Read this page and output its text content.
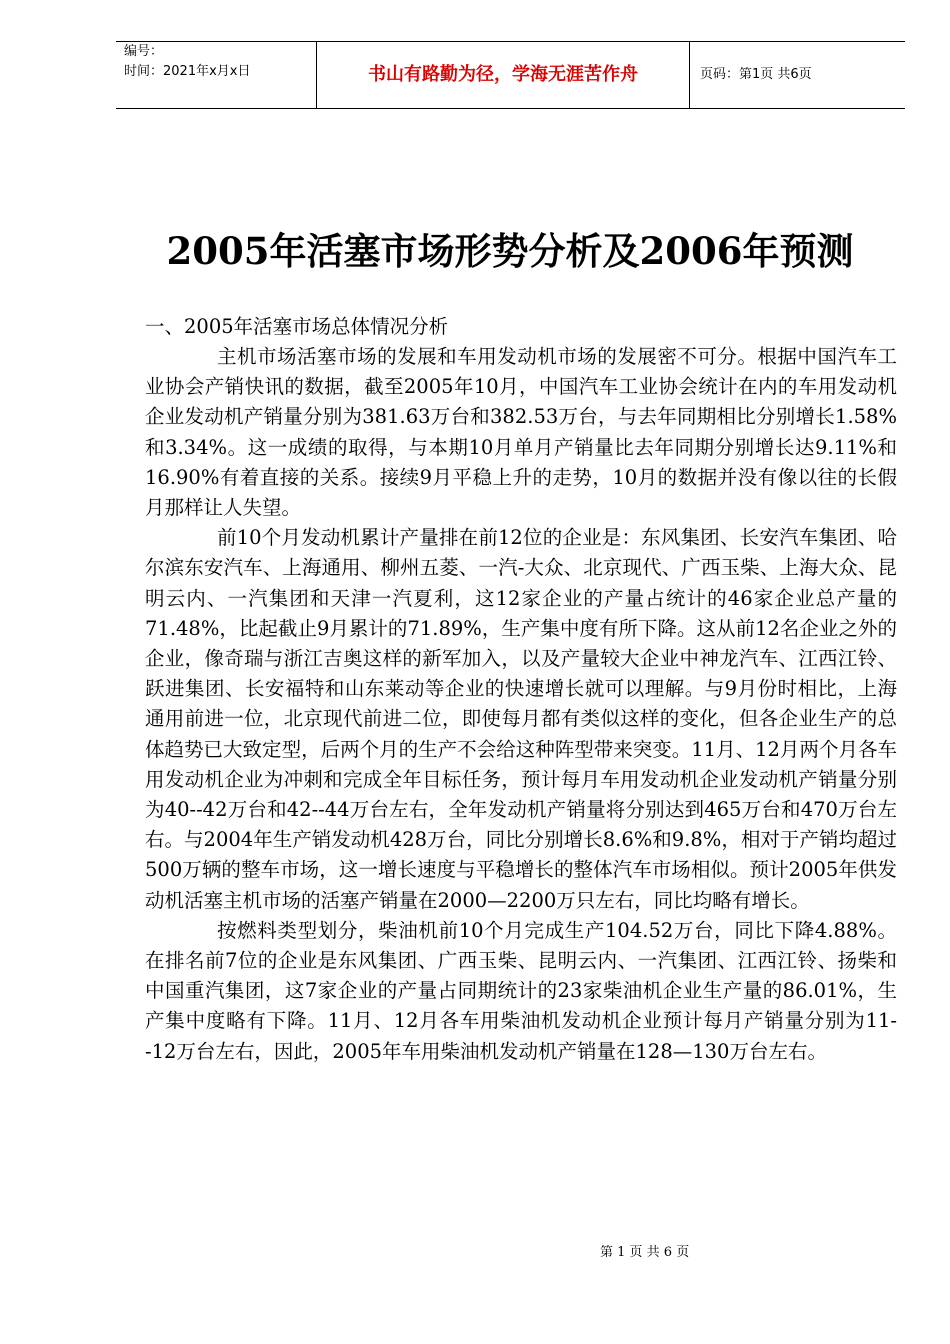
编号：
时间：2021年x月x日	书山有路勤为径，学海无涯苦作舟	页码：第1页 共6页
2005年活塞市场形势分析及2006年预测

一、2005年活塞市场总体情况分析

主机市场活塞市场的发展和车用发动机市场的发展密不可分。根据中国汽车工业协会产销快讯的数据，截至2005年10月，中国汽车工业协会统计在内的车用发动机企业发动机产销量分别为381.63万台和382.53万台，与去年同期相比分别增长1.58%和3.34%。这一成绩的取得，与本期10月单月产销量比去年同期分别增长达9.11%和16.90%有着直接的关系。接续9月平稳上升的走势，10月的数据并没有像以往的长假月那样让人失望。

前10个月发动机累计产量排在前12位的企业是：东风集团、长安汽车集团、哈尔滨东安汽车、上海通用、柳州五菱、一汽-大众、北京现代、广西玉柴、上海大众、昆明云内、一汽集团和天津一汽夏利，这12家企业的产量占统计的46家企业总产量的71.48%，比起截止9月累计的71.89%，生产集中度有所下降。这从前12名企业之外的企业，像奇瑞与浙江吉奥这样的新军加入，以及产量较大企业中神龙汽车、江西江铃、跃进集团、长安福特和山东莱动等企业的快速增长就可以理解。与9月份时相比，上海通用前进一位，北京现代前进二位，即使每月都有类似这样的变化，但各企业生产的总体趋势已大致定型，后两个月的生产不会给这种阵型带来突变。11月、12月两个月各车用发动机企业为冲刺和完成全年目标任务，预计每月车用发动机企业发动机产销量分别为40--42万台和42--44万台左右，全年发动机产销量将分别达到465万台和470万台左右。与2004年生产销发动机428万台，同比分别增长8.6%和9.8%，相对于产销均超过500万辆的整车市场，这一增长速度与平稳增长的整体汽车市场相似。预计2005年供发动机活塞主机市场的活塞产销量在2000—2200万只左右，同比均略有增长。

按燃料类型划分，柴油机前10个月完成生产104.52万台，同比下降4.88%。在排名前7位的企业是东风集团、广西玉柴、昆明云内、一汽集团、江西江铃、扬柴和中国重汽集团，这7家企业的产量占同期统计的23家柴油机企业生产量的86.01%，生产集中度略有下降。11月、12月各车用柴油机发动机企业预计每月产销量分别为11--12万台左右，因此，2005年车用柴油机发动机产销量在128—130万台左右。

第 1 页 共 6 页
